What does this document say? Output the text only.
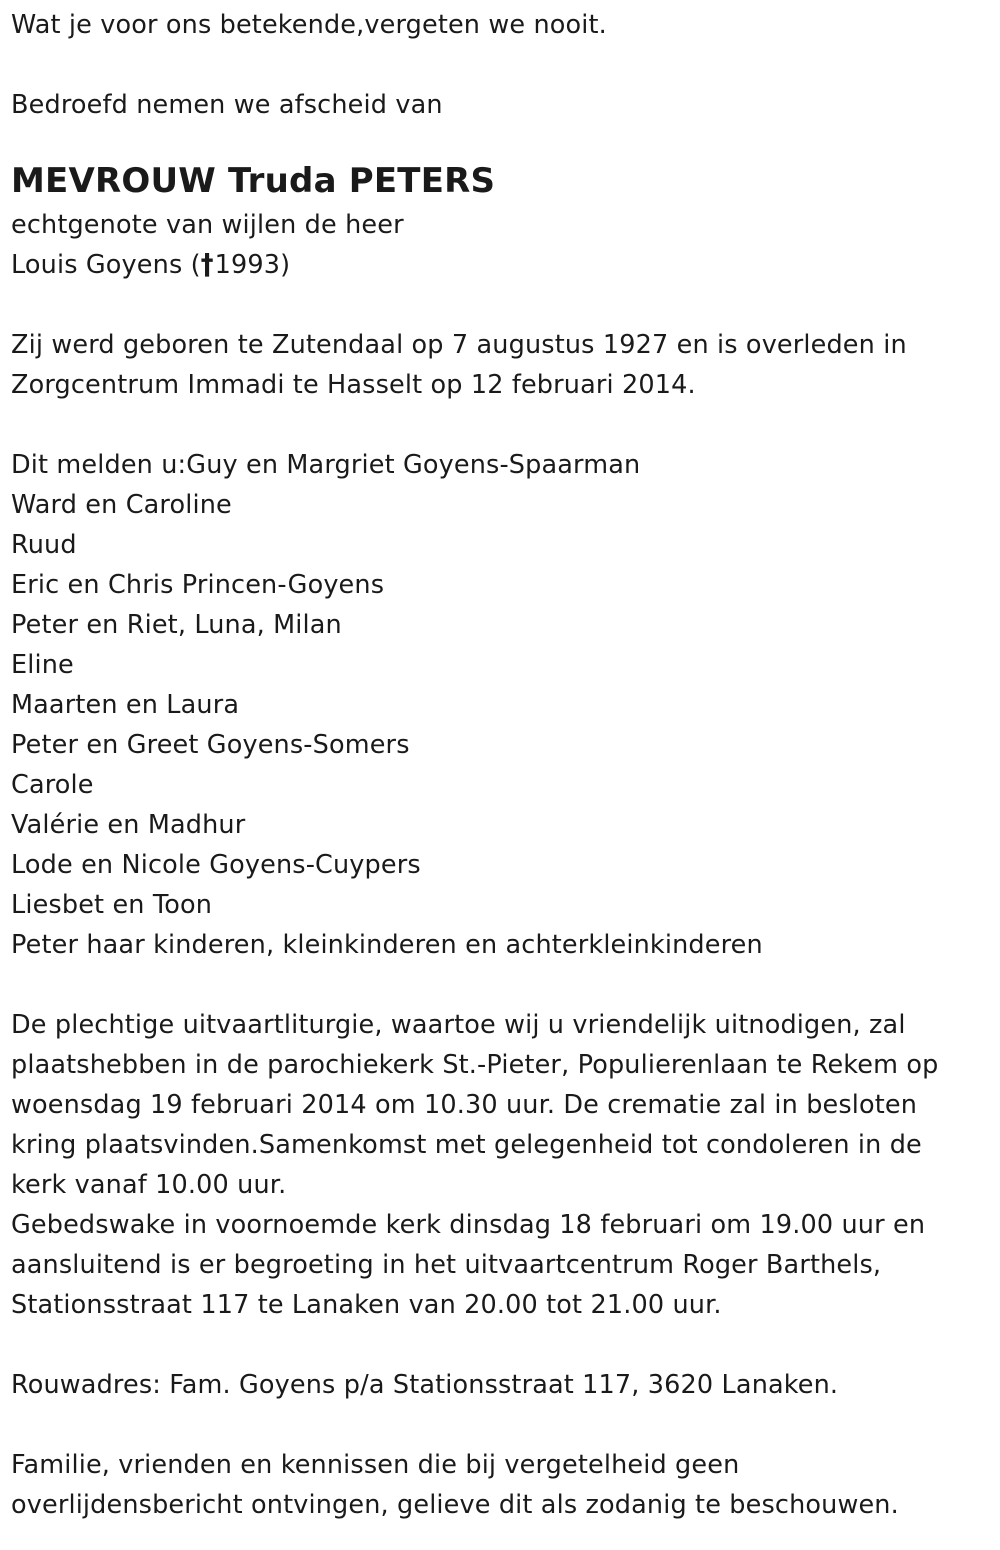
Wat je voor ons betekende,vergeten we nooit.
Bedroefd nemen we afscheid van
MEVROUW Truda PETERS
echtgenote van wijlen de heer
Louis Goyens (†1993)
Zij werd geboren te Zutendaal op 7 augustus 1927 en is overleden in
Zorgcentrum Immadi te Hasselt op 12 februari 2014.
Dit melden u:Guy en Margriet Goyens-Spaarman
Ward en Caroline
Ruud
Eric en Chris Princen-Goyens
Peter en Riet, Luna, Milan
Eline
Maarten en Laura
Peter en Greet Goyens-Somers
Carole
Valérie en Madhur
Lode en Nicole Goyens-Cuypers
Liesbet en Toon
Peter haar kinderen, kleinkinderen en achterkleinkinderen
De plechtige uitvaartliturgie, waartoe wij u vriendelijk uitnodigen, zal
plaatshebben in de parochiekerk St.-Pieter, Populierenlaan te Rekem op
woensdag 19 februari 2014 om 10.30 uur. De crematie zal in besloten
kring plaatsvinden.Samenkomst met gelegenheid tot condoleren in de
kerk vanaf 10.00 uur.
Gebedswake in voornoemde kerk dinsdag 18 februari om 19.00 uur en
aansluitend is er begroeting in het uitvaartcentrum Roger Barthels,
Stationsstraat 117 te Lanaken van 20.00 tot 21.00 uur.
Rouwadres: Fam. Goyens p/a Stationsstraat 117, 3620 Lanaken.
Familie, vrienden en kennissen die bij vergetelheid geen
overlijdensbericht ontvingen, gelieve dit als zodanig te beschouwen.
